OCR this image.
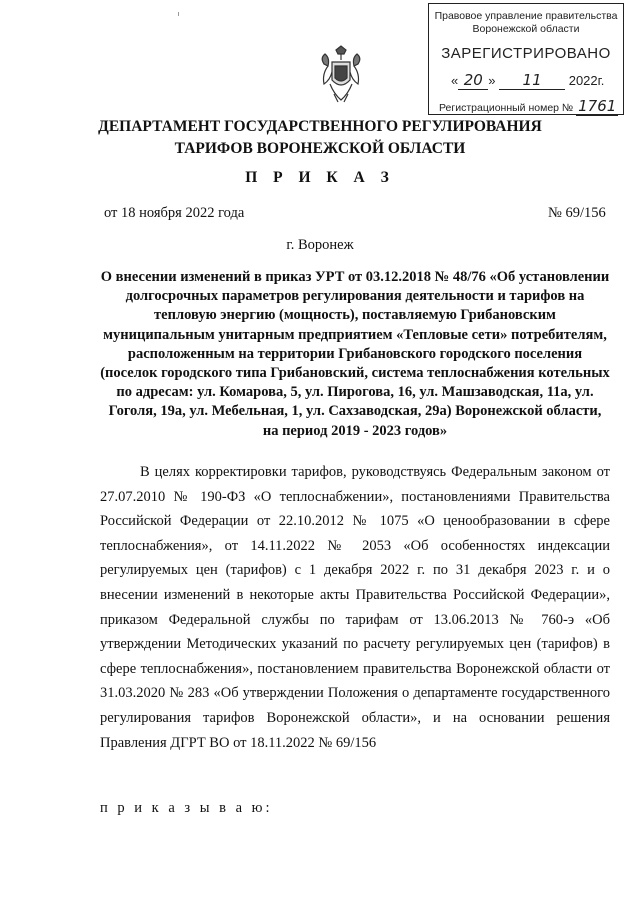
Правовое управление правительства
Воронежской области
ЗАРЕГИСТРИРОВАНО
« 20 » 11 2022г.
Регистрационный номер № 1761
ДЕПАРТАМЕНТ ГОСУДАРСТВЕННОГО РЕГУЛИРОВАНИЯ
ТАРИФОВ ВОРОНЕЖСКОЙ ОБЛАСТИ
П Р И К А З
от 18 ноября 2022 года	№ 69/156
г. Воронеж
О внесении изменений в приказ УРТ от 03.12.2018 № 48/76 «Об установлении долгосрочных параметров регулирования деятельности и тарифов на тепловую энергию (мощность), поставляемую Грибановским муниципальным унитарным предприятием «Тепловые сети» потребителям, расположенным на территории Грибановского городского поселения (поселок городского типа Грибановский, система теплоснабжения котельных по адресам: ул. Комарова, 5, ул. Пирогова, 16, ул. Машзаводская, 11а, ул. Гоголя, 19а, ул. Мебельная, 1, ул. Сахзаводская, 29а) Воронежской области, на период 2019 - 2023 годов»

В целях корректировки тарифов, руководствуясь Федеральным законом от 27.07.2010 № 190-ФЗ «О теплоснабжении», постановлениями Правительства Российской Федерации от 22.10.2012 № 1075 «О ценообразовании в сфере теплоснабжения», от 14.11.2022 № 2053 «Об особенностях индексации регулируемых цен (тарифов) с 1 декабря 2022 г. по 31 декабря 2023 г. и о внесении изменений в некоторые акты Правительства Российской Федерации», приказом Федеральной службы по тарифам от 13.06.2013 № 760-э «Об утверждении Методических указаний по расчету регулируемых цен (тарифов) в сфере теплоснабжения», постановлением правительства Воронежской области от 31.03.2020 № 283 «Об утверждении Положения о департаменте государственного регулирования тарифов Воронежской области», и на основании решения Правления ДГРТ ВО от 18.11.2022 № 69/156

п р и к а з ы в а ю:
